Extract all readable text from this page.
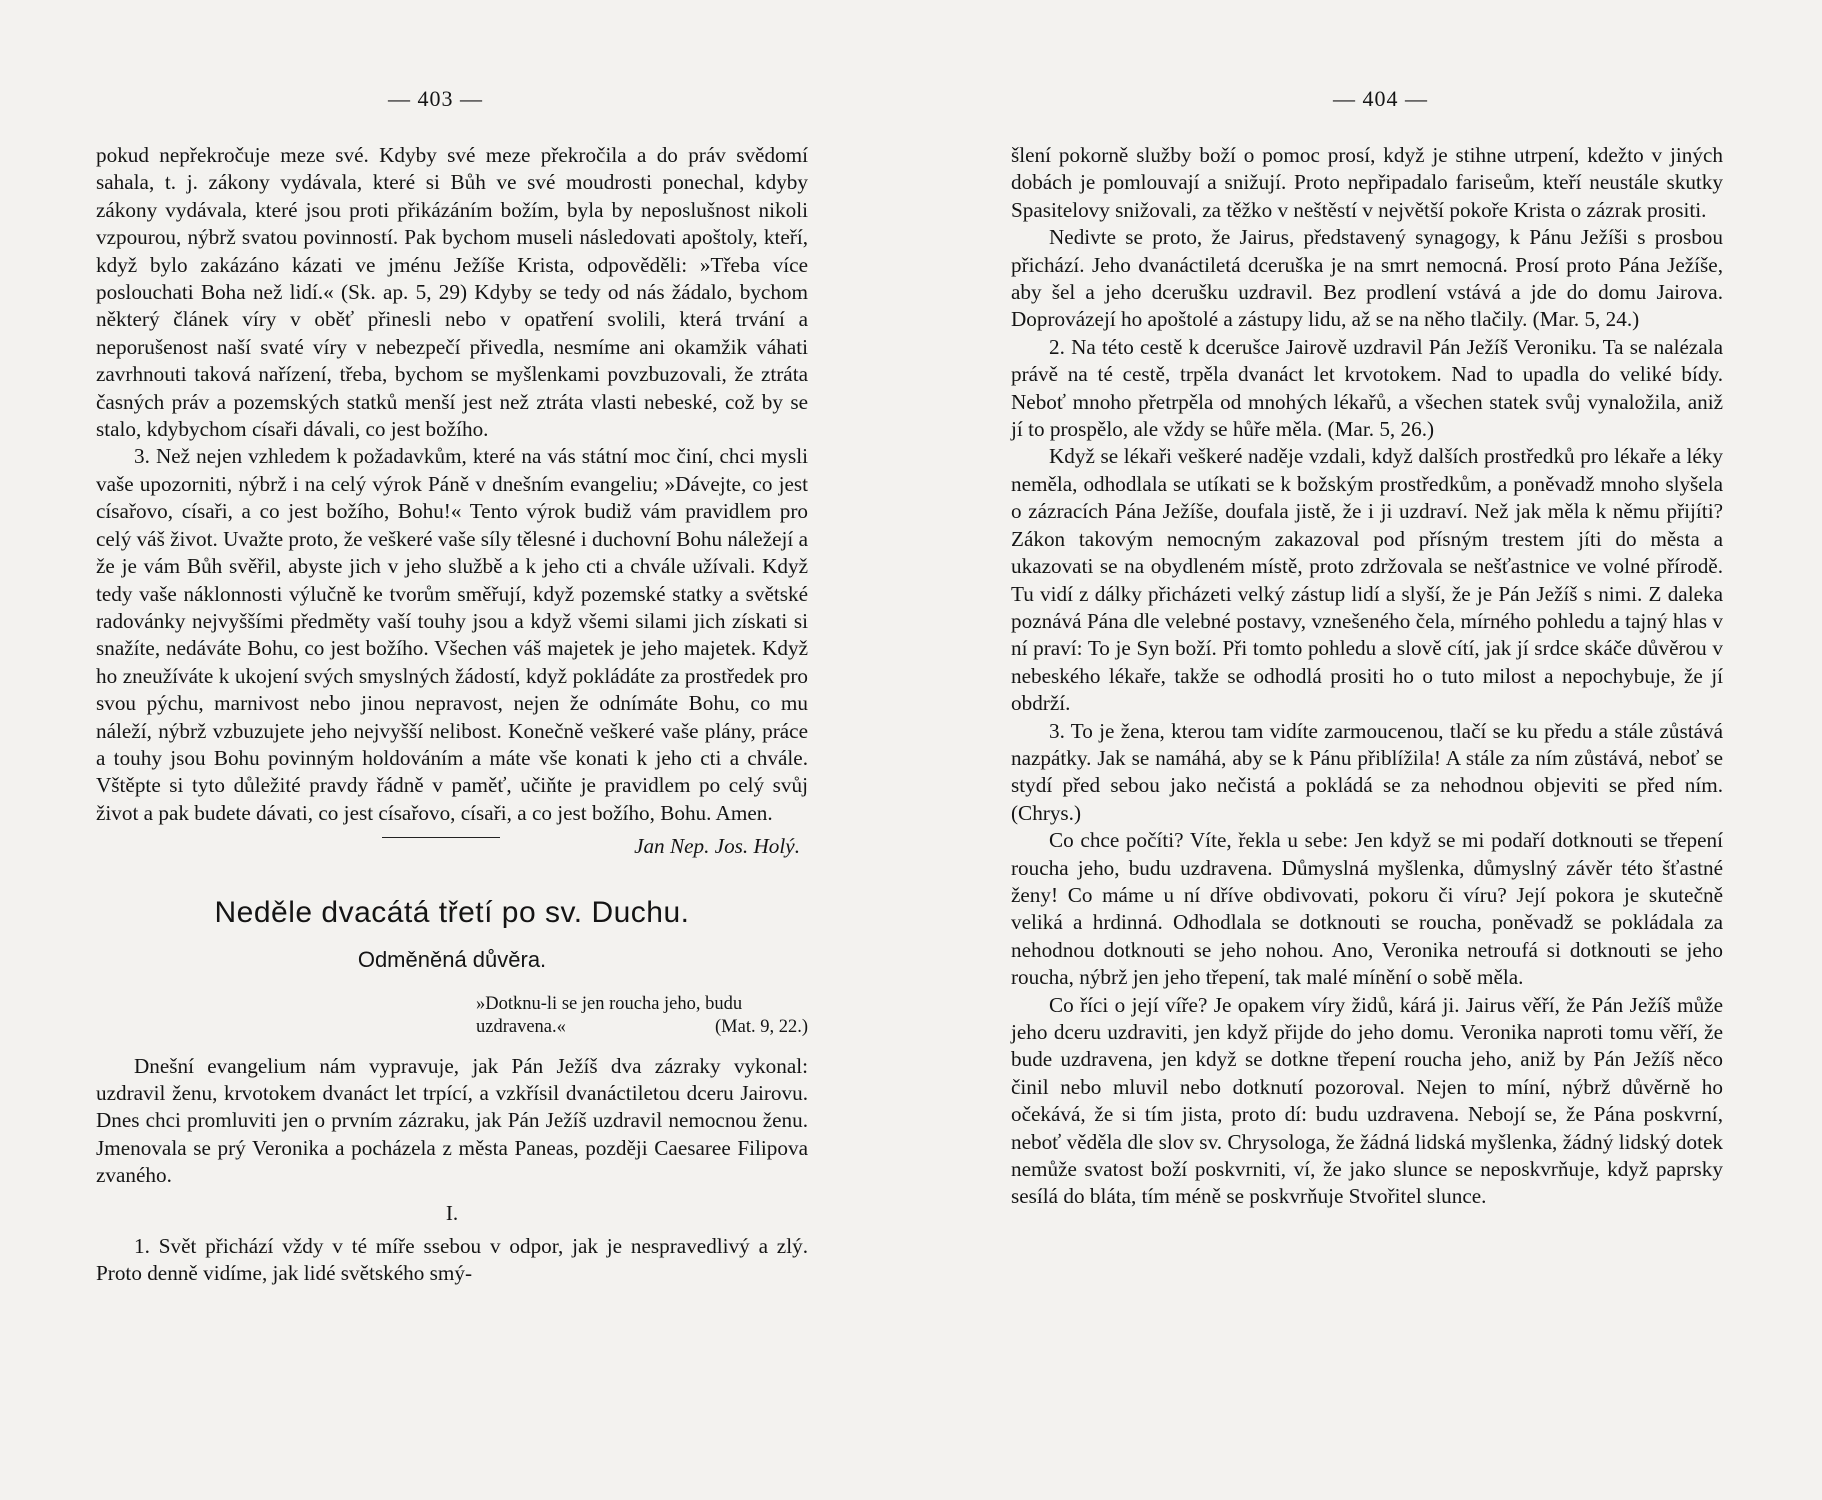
— 403 —

pokud nepřekročuje meze své. Kdyby své meze překročila a do práv svědomí sahala, t. j. zákony vydávala, které si Bůh ve své moudrosti ponechal, kdyby zákony vydávala, které jsou proti přikázáním božím, byla by neposlušnost nikoli vzpourou, nýbrž svatou povinností. Pak bychom museli následovati apoštoly, kteří, když bylo zakázáno kázati ve jménu Ježíše Krista, odpověděli: »Třeba více poslouchati Boha než lidí.« (Sk. ap. 5, 29) Kdyby se tedy od nás žádalo, bychom některý článek víry v oběť přinesli nebo v opatření svolili, která trvání a neporušenost naší svaté víry v nebezpečí přivedla, nesmíme ani okamžik váhati zavrhnouti taková nařízení, třeba, bychom se myšlenkami povzbuzovali, že ztráta časných práv a pozemských statků menší jest než ztráta vlasti nebeské, což by se stalo, kdybychom císaři dávali, co jest božího.

3. Než nejen vzhledem k požadavkům, které na vás státní moc činí, chci mysli vaše upozorniti, nýbrž i na celý výrok Páně v dnešním evangeliu; »Dávejte, co jest císařovo, císaři, a co jest božího, Bohu!« Tento výrok budiž vám pravidlem pro celý váš život. Uvažte proto, že veškeré vaše síly tělesné i duchovní Bohu náležejí a že je vám Bůh svěřil, abyste jich v jeho službě a k jeho cti a chvále užívali. Když tedy vaše náklonnosti výlučně ke tvorům směřují, když pozemské statky a světské radovánky nejvyššími předměty vaší touhy jsou a když všemi silami jich získati si snažíte, nedáváte Bohu, co jest božího. Všechen váš majetek je jeho majetek. Když ho zneužíváte k ukojení svých smyslných žádostí, když pokládáte za prostředek pro svou pýchu, marnivost nebo jinou nepravost, nejen že odnímáte Bohu, co mu náleží, nýbrž vzbuzujete jeho nejvyšší nelibost. Konečně veškeré vaše plány, práce a touhy jsou Bohu povinným holdováním a máte vše konati k jeho cti a chvále. Vštěpte si tyto důležité pravdy řádně v paměť, učiňte je pravidlem po celý svůj život a pak budete dávati, co jest císařovo, císaři, a co jest božího, Bohu. Amen.

Jan Nep. Jos. Holý.
Neděle dvacátá třetí po sv. Duchu.
Odměněná důvěra.
»Dotknu-li se jen roucha jeho, budu
uzdravena.«	(Mat. 9, 22.)

Dnešní evangelium nám vypravuje, jak Pán Ježíš dva zázraky vykonal: uzdravil ženu, krvotokem dvanáct let trpící, a vzkřísil dvanáctiletou dceru Jairovu. Dnes chci promluviti jen o prvním zázraku, jak Pán Ježíš uzdravil nemocnou ženu. Jmenovala se prý Veronika a pocházela z města Paneas, později Caesaree Filipova zvaného.

I.

1. Svět přichází vždy v té míře ssebou v odpor, jak je nespravedlivý a zlý. Proto denně vidíme, jak lidé světského smý-

— 404 —

šlení pokorně služby boží o pomoc prosí, když je stihne utrpení, kdežto v jiných dobách je pomlouvají a snižují. Proto nepřipadalo fariseům, kteří neustále skutky Spasitelovy snižovali, za těžko v neštěstí v největší pokoře Krista o zázrak prositi.

Nedivte se proto, že Jairus, představený synagogy, k Pánu Ježíši s prosbou přichází. Jeho dvanáctiletá dceruška je na smrt nemocná. Prosí proto Pána Ježíše, aby šel a jeho dcerušku uzdravil. Bez prodlení vstává a jde do domu Jairova. Doprovázejí ho apoštolé a zástupy lidu, až se na něho tlačily. (Mar. 5, 24.)

2. Na této cestě k dcerušce Jairově uzdravil Pán Ježíš Veroniku. Ta se nalézala právě na té cestě, trpěla dvanáct let krvotokem. Nad to upadla do veliké bídy. Neboť mnoho přetrpěla od mnohých lékařů, a všechen statek svůj vynaložila, aniž jí to prospělo, ale vždy se hůře měla. (Mar. 5, 26.)

Když se lékaři veškeré naděje vzdali, když dalších prostředků pro lékaře a léky neměla, odhodlala se utíkati se k božským prostředkům, a poněvadž mnoho slyšela o zázracích Pána Ježíše, doufala jistě, že i ji uzdraví. Než jak měla k němu přijíti? Zákon takovým nemocným zakazoval pod přísným trestem jíti do města a ukazovati se na obydleném místě, proto zdržovala se nešťastnice ve volné přírodě. Tu vidí z dálky přicházeti velký zástup lidí a slyší, že je Pán Ježíš s nimi. Z daleka poznává Pána dle velebné postavy, vznešeného čela, mírného pohledu a tajný hlas v ní praví: To je Syn boží. Při tomto pohledu a slově cítí, jak jí srdce skáče důvěrou v nebeského lékaře, takže se odhodlá prositi ho o tuto milost a nepochybuje, že jí obdrží.

3. To je žena, kterou tam vidíte zarmoucenou, tlačí se ku předu a stále zůstává nazpátky. Jak se namáhá, aby se k Pánu přiblížila! A stále za ním zůstává, neboť se stydí před sebou jako nečistá a pokládá se za nehodnou objeviti se před ním. (Chrys.)

Co chce počíti? Víte, řekla u sebe: Jen když se mi podaří dotknouti se třepení roucha jeho, budu uzdravena. Důmyslná myšlenka, důmyslný závěr této šťastné ženy! Co máme u ní dříve obdivovati, pokoru či víru? Její pokora je skutečně veliká a hrdinná. Odhodlala se dotknouti se roucha, poněvadž se pokládala za nehodnou dotknouti se jeho nohou. Ano, Veronika netroufá si dotknouti se jeho roucha, nýbrž jen jeho třepení, tak malé mínění o sobě měla.

Co říci o její víře? Je opakem víry židů, kárá ji. Jairus věří, že Pán Ježíš může jeho dceru uzdraviti, jen když přijde do jeho domu. Veronika naproti tomu věří, že bude uzdravena, jen když se dotkne třepení roucha jeho, aniž by Pán Ježíš něco činil nebo mluvil nebo dotknutí pozoroval. Nejen to míní, nýbrž důvěrně ho očekává, že si tím jista, proto dí: budu uzdravena. Nebojí se, že Pána poskvrní, neboť věděla dle slov sv. Chrysologa, že žádná lidská myšlenka, žádný lidský dotek nemůže svatost boží poskvrniti, ví, že jako slunce se neposkvrňuje, když paprsky sesílá do bláta, tím méně se poskvrňuje Stvořitel slunce.
